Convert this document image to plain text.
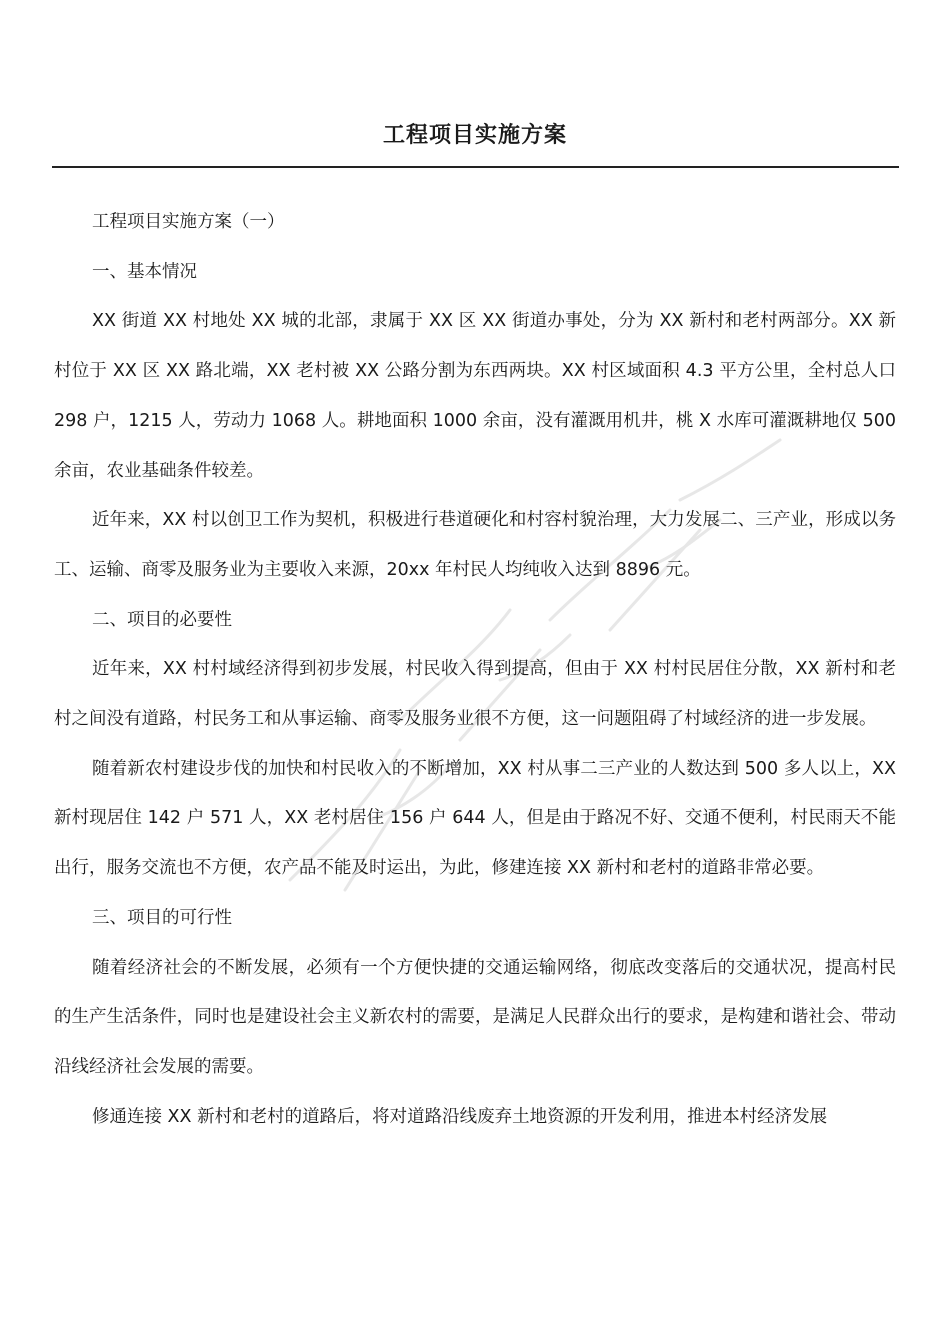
工程项目实施方案

工程项目实施方案（一）

一、基本情况

XX 街道 XX 村地处 XX 城的北部，隶属于 XX 区 XX 街道办事处，分为 XX 新村和老村两部分。XX 新村位于 XX 区 XX 路北端，XX 老村被 XX 公路分割为东西两块。XX 村区域面积 4.3 平方公里，全村总人口 298 户，1215 人，劳动力 1068 人。耕地面积 1000 余亩，没有灌溉用机井，桃 X 水库可灌溉耕地仅 500 余亩，农业基础条件较差。

近年来，XX 村以创卫工作为契机，积极进行巷道硬化和村容村貌治理，大力发展二、三产业，形成以务工、运输、商零及服务业为主要收入来源，20xx 年村民人均纯收入达到 8896 元。

二、项目的必要性

近年来，XX 村村域经济得到初步发展，村民收入得到提高，但由于 XX 村村民居住分散，XX 新村和老村之间没有道路，村民务工和从事运输、商零及服务业很不方便，这一问题阻碍了村域经济的进一步发展。

随着新农村建设步伐的加快和村民收入的不断增加，XX 村从事二三产业的人数达到 500 多人以上，XX 新村现居住 142 户 571 人，XX 老村居住 156 户 644 人，但是由于路况不好、交通不便利，村民雨天不能出行，服务交流也不方便，农产品不能及时运出，为此，修建连接 XX 新村和老村的道路非常必要。

三、项目的可行性

随着经济社会的不断发展，必须有一个方便快捷的交通运输网络，彻底改变落后的交通状况，提高村民的生产生活条件，同时也是建设社会主义新农村的需要，是满足人民群众出行的要求，是构建和谐社会、带动沿线经济社会发展的需要。

修通连接 XX 新村和老村的道路后，将对道路沿线废弃土地资源的开发利用，推进本村经济发展
